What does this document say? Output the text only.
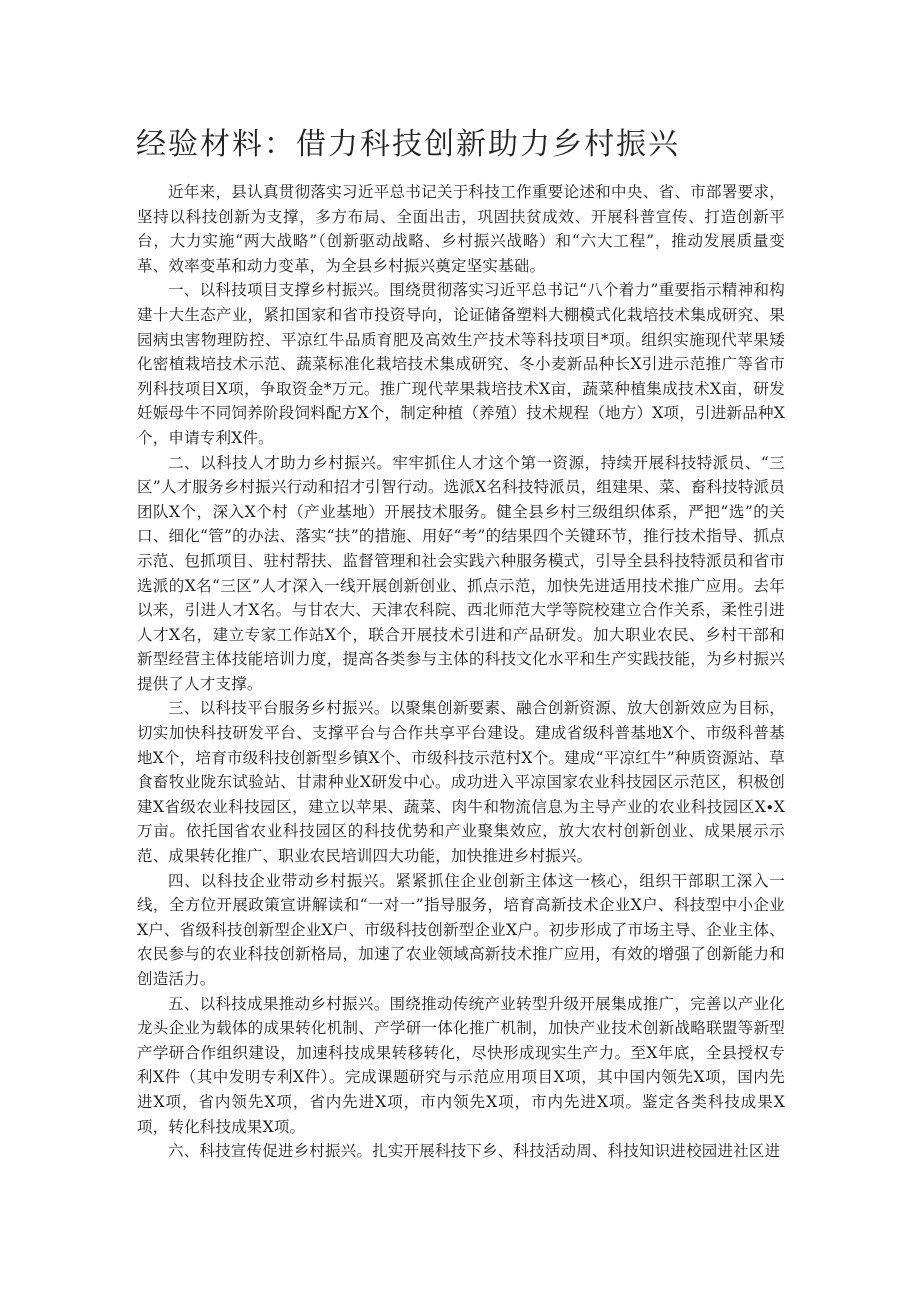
经验材料：借力科技创新助力乡村振兴

近年来，县认真贯彻落实习近平总书记关于科技工作重要论述和中央、省、市部署要求，坚持以科技创新为支撑，多方布局、全面出击，巩固扶贫成效、开展科普宣传、打造创新平台，大力实施“两大战略”（创新驱动战略、乡村振兴战略）和“六大工程”，推动发展质量变革、效率变革和动力变革，为全县乡村振兴奠定坚实基础。

一、以科技项目支撑乡村振兴。围绕贯彻落实习近平总书记“八个着力”重要指示精神和构建十大生态产业，紧扣国家和省市投资导向，论证储备塑料大棚模式化栽培技术集成研究、果园病虫害物理防控、平凉红牛品质育肥及高效生产技术等科技项目*项。组织实施现代苹果矮化密植栽培技术示范、蔬菜标准化栽培技术集成研究、冬小麦新品种长X引进示范推广等省市列科技项目X项，争取资金*万元。推广现代苹果栽培技术X亩，蔬菜种植集成技术X亩，研发妊娠母牛不同饲养阶段饲料配方X个，制定种植（养殖）技术规程（地方）X项，引进新品种X个，申请专利X件。

二、以科技人才助力乡村振兴。牢牢抓住人才这个第一资源，持续开展科技特派员、“三区”人才服务乡村振兴行动和招才引智行动。选派X名科技特派员，组建果、菜、畜科技特派员团队X个，深入X个村（产业基地）开展技术服务。健全县乡村三级组织体系，严把“选”的关口、细化“管”的办法、落实“扶”的措施、用好“考”的结果四个关键环节，推行技术指导、抓点示范、包抓项目、驻村帮扶、监督管理和社会实践六种服务模式，引导全县科技特派员和省市选派的X名“三区”人才深入一线开展创新创业、抓点示范，加快先进适用技术推广应用。去年以来，引进人才X名。与甘农大、天津农科院、西北师范大学等院校建立合作关系，柔性引进人才X名，建立专家工作站X个，联合开展技术引进和产品研发。加大职业农民、乡村干部和新型经营主体技能培训力度，提高各类参与主体的科技文化水平和生产实践技能，为乡村振兴提供了人才支撑。

三、以科技平台服务乡村振兴。以聚集创新要素、融合创新资源、放大创新效应为目标，切实加快科技研发平台、支撑平台与合作共享平台建设。建成省级科普基地X个、市级科普基地X个，培育市级科技创新型乡镇X个、市级科技示范村X个。建成“平凉红牛”种质资源站、草食畜牧业陇东试验站、甘肃种业X研发中心。成功进入平凉国家农业科技园区示范区，积极创建X省级农业科技园区，建立以苹果、蔬菜、肉牛和物流信息为主导产业的农业科技园区X∙X万亩。依托国省农业科技园区的科技优势和产业聚集效应，放大农村创新创业、成果展示示范、成果转化推广、职业农民培训四大功能，加快推进乡村振兴。

四、以科技企业带动乡村振兴。紧紧抓住企业创新主体这一核心，组织干部职工深入一线，全方位开展政策宣讲解读和“一对一”指导服务，培育高新技术企业X户、科技型中小企业X户、省级科技创新型企业X户、市级科技创新型企业X户。初步形成了市场主导、企业主体、农民参与的农业科技创新格局，加速了农业领域高新技术推广应用，有效的增强了创新能力和创造活力。

五、以科技成果推动乡村振兴。围绕推动传统产业转型升级开展集成推广，完善以产业化龙头企业为载体的成果转化机制、产学研一体化推广机制，加快产业技术创新战略联盟等新型产学研合作组织建设，加速科技成果转移转化，尽快形成现实生产力。至X年底，全县授权专利X件（其中发明专利X件）。完成课题研究与示范应用项目X项，其中国内领先X项，国内先进X项，省内领先X项，省内先进X项，市内领先X项，市内先进X项。鉴定各类科技成果X项，转化科技成果X项。

六、科技宣传促进乡村振兴。扎实开展科技下乡、科技活动周、科技知识进校园进社区进
